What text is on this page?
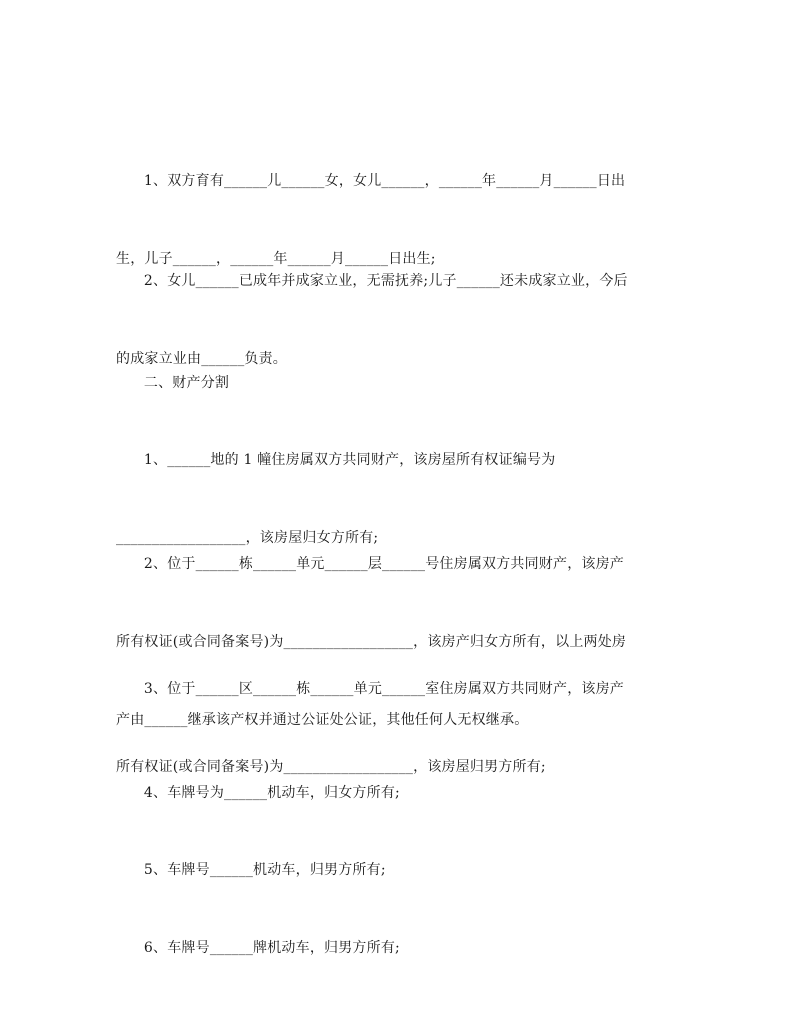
1、双方育有______儿______女，女儿______，______年______月______日出

生，儿子______，______年______月______日出生;

2、女儿______已成年并成家立业，无需抚养;儿子______还未成家立业，今后

的成家立业由______负责。

二、财产分割

1、______地的 1 幢住房属双方共同财产，该房屋所有权证编号为

__________________，该房屋归女方所有;

2、位于______栋______单元______层______号住房属双方共同财产，该房产

所有权证(或合同备案号)为__________________，该房产归女方所有，以上两处房

产由______继承该产权并通过公证处公证，其他任何人无权继承。

3、位于______区______栋______单元______室住房属双方共同财产，该房产

所有权证(或合同备案号)为__________________，该房屋归男方所有;

4、车牌号为______机动车，归女方所有;

5、车牌号______机动车，归男方所有;

6、车牌号______牌机动车，归男方所有;
